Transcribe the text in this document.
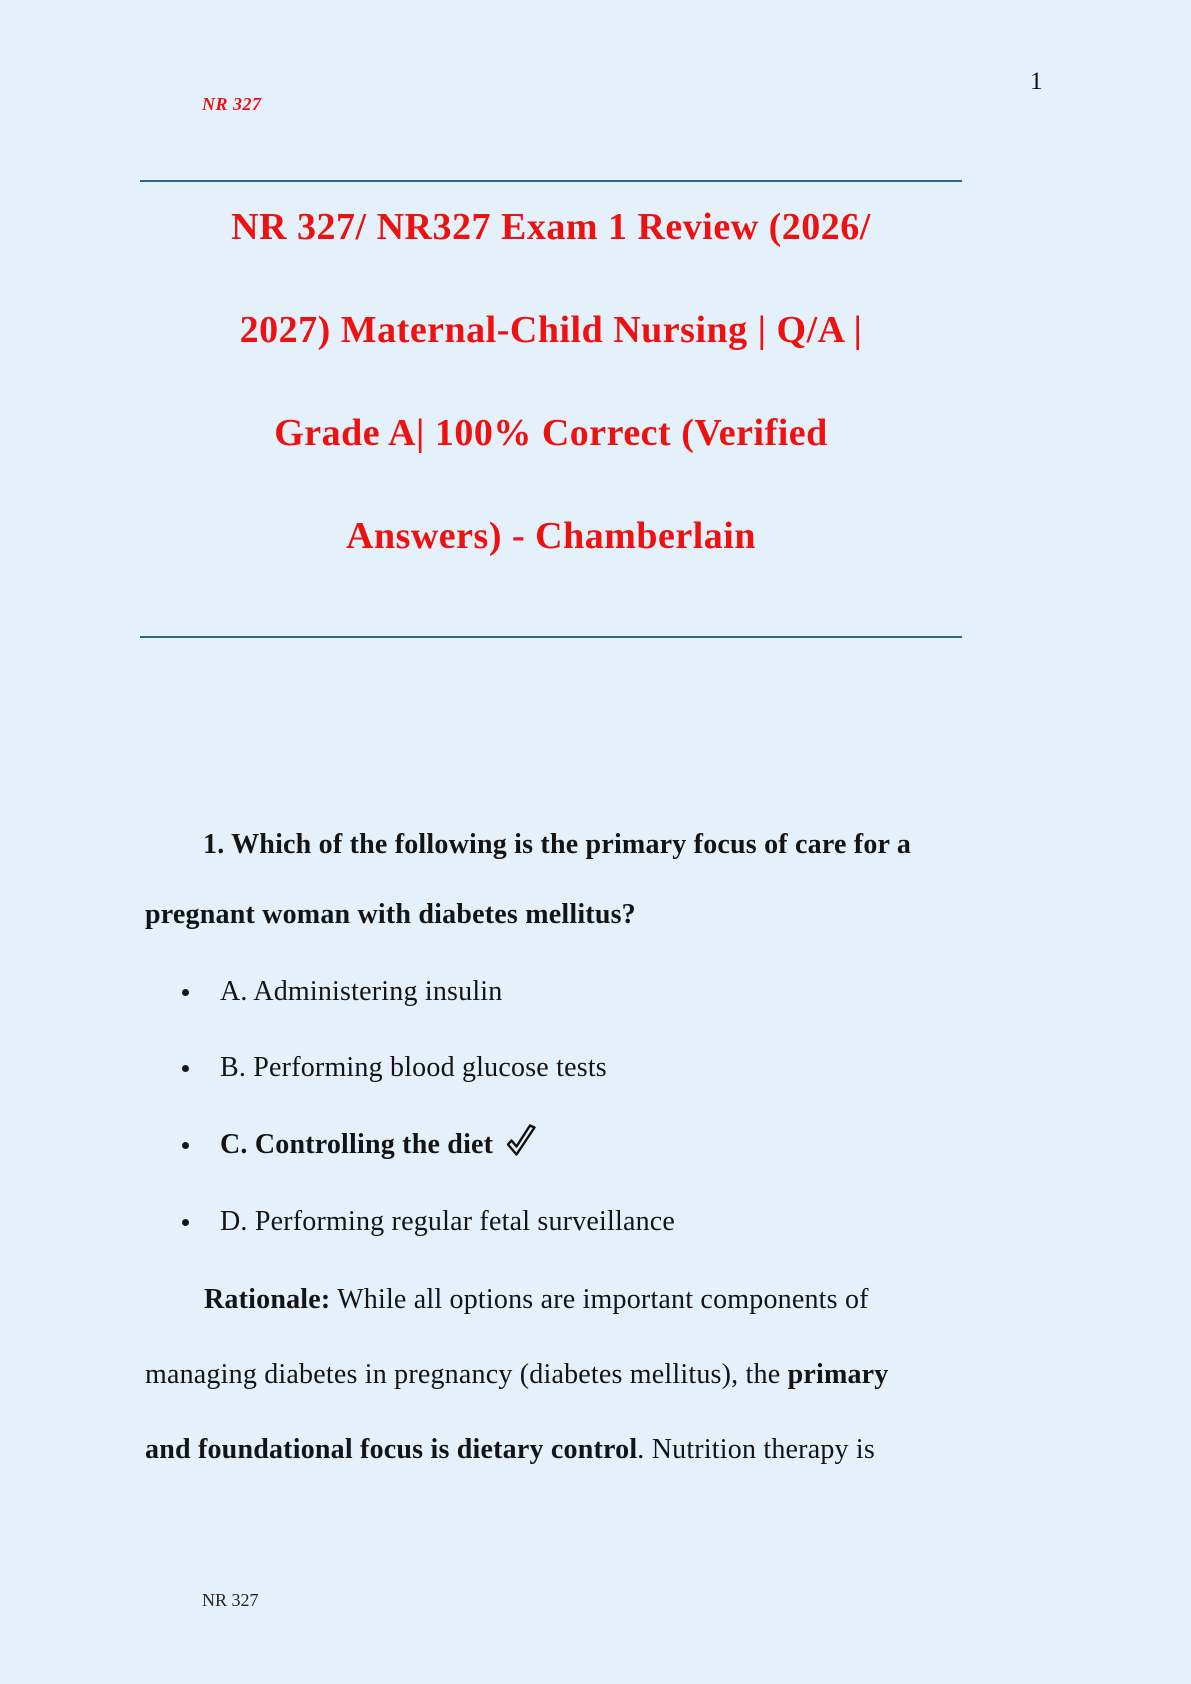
1
NR 327
NR 327/ NR327 Exam 1 Review (2026/
2027) Maternal-Child Nursing | Q/A |
Grade A| 100% Correct (Verified
Answers) - Chamberlain
1. Which of the following is the primary focus of care for a
pregnant woman with diabetes mellitus?
A. Administering insulin
B. Performing blood glucose tests
C. Controlling the diet
D. Performing regular fetal surveillance
Rationale: While all options are important components of
managing diabetes in pregnancy (diabetes mellitus), the primary
and foundational focus is dietary control. Nutrition therapy is
NR 327
